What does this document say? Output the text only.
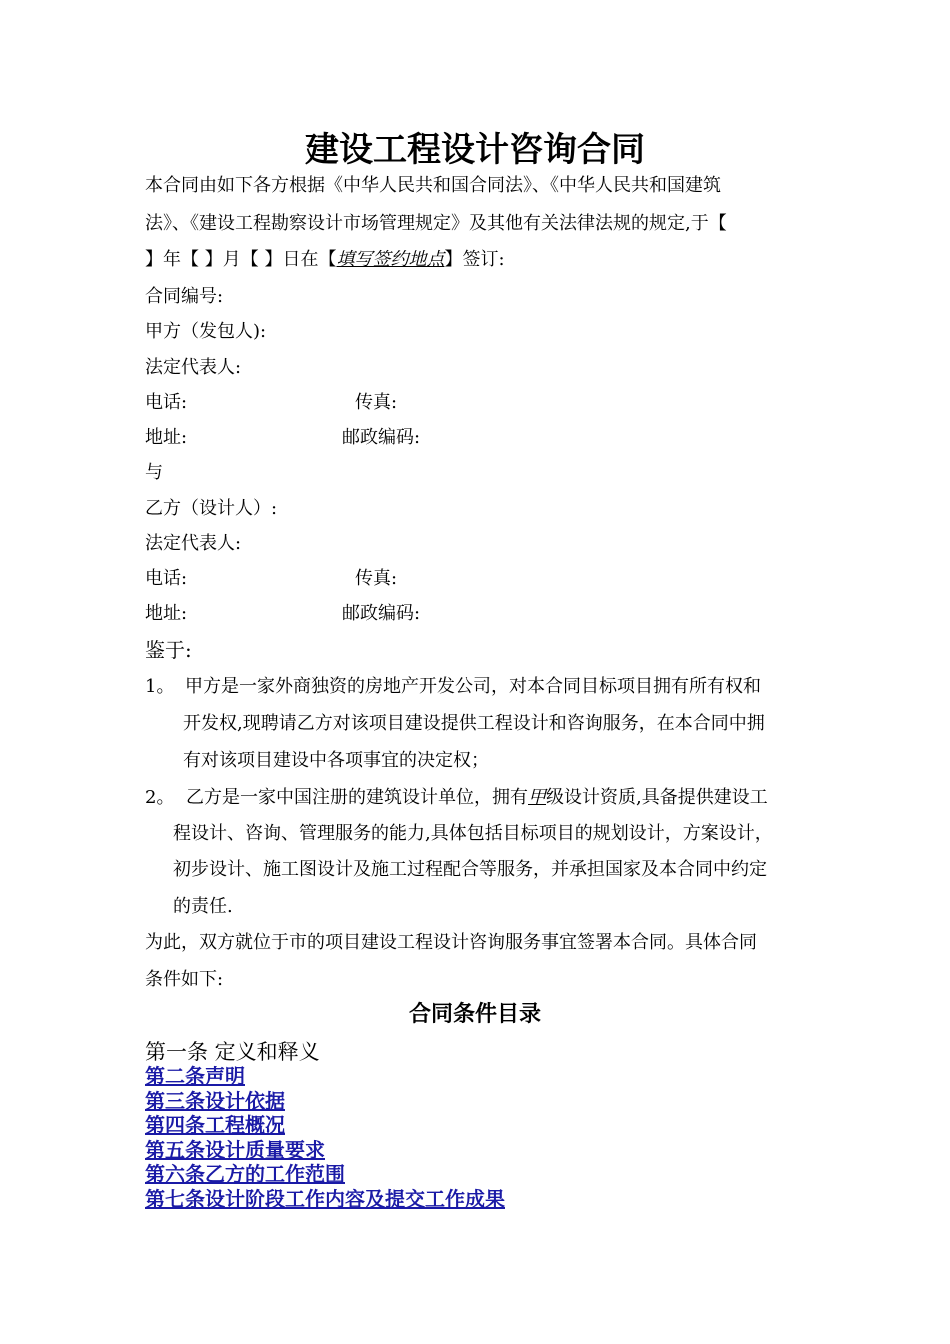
建设工程设计咨询合同
本合同由如下各方根据《中华人民共和国合同法》、《中华人民共和国建筑
法》、《建设工程勘察设计市场管理规定》及其他有关法律法规的规定,于【
】年【 】月【 】日在【填写签约地点】签订:
合同编号:
甲方（发包人):
法定代表人:
电话:	传真:
地址:	邮政编码:
与
乙方（设计人）:
法定代表人:
电话:	传真:
地址:	邮政编码:
鉴于:
1。 甲方是一家外商独资的房地产开发公司，对本合同目标项目拥有所有权和
开发权,现聘请乙方对该项目建设提供工程设计和咨询服务，在本合同中拥
有对该项目建设中各项事宜的决定权；
2。 乙方是一家中国注册的建筑设计单位，拥有甲级设计资质,具备提供建设工
程设计、咨询、管理服务的能力,具体包括目标项目的规划设计，方案设计，
初步设计、施工图设计及施工过程配合等服务，并承担国家及本合同中约定
的责任.
为此，双方就位于市的项目建设工程设计咨询服务事宜签署本合同。具体合同
条件如下:
合同条件目录
第一条 定义和释义
第二条声明
第三条设计依据
第四条工程概况
第五条设计质量要求
第六条乙方的工作范围
第七条设计阶段工作内容及提交工作成果
